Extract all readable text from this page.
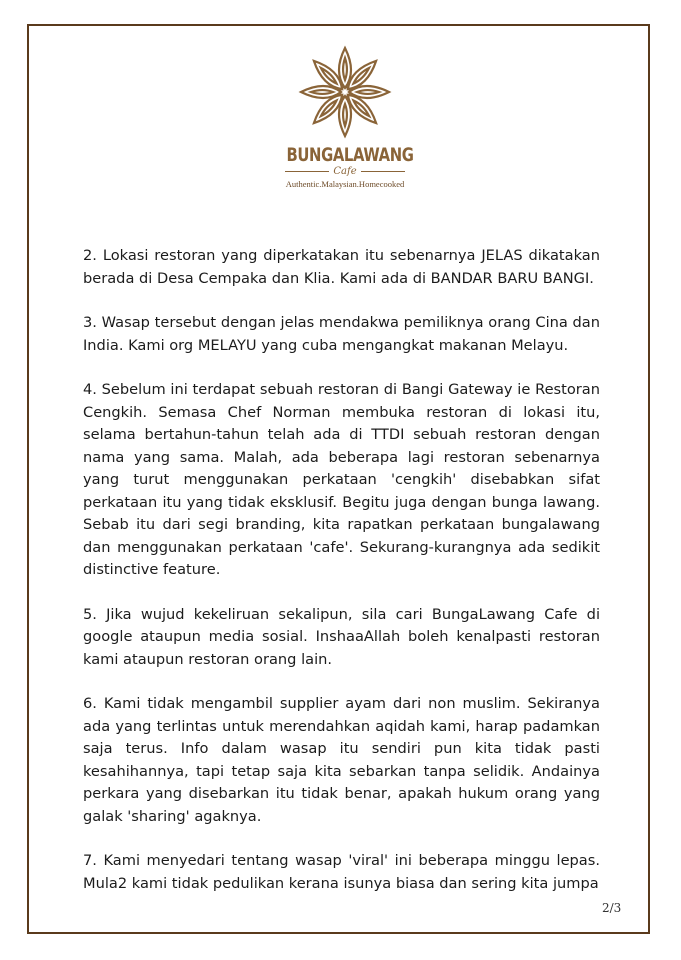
BUNGALAWANG
Cafe
Authentic.Malaysian.Homecooked

2. Lokasi restoran yang diperkatakan itu sebenarnya JELAS dikatakan berada di Desa Cempaka dan Klia. Kami ada di BANDAR BARU BANGI.

3. Wasap tersebut dengan jelas mendakwa pemiliknya orang Cina dan India. Kami org MELAYU yang cuba mengangkat makanan Melayu.

4. Sebelum ini terdapat sebuah restoran di Bangi Gateway ie Restoran Cengkih. Semasa Chef Norman membuka restoran di lokasi itu, selama bertahun-tahun telah ada di TTDI sebuah restoran dengan nama yang sama. Malah, ada beberapa lagi restoran sebenarnya yang turut menggunakan perkataan 'cengkih' disebabkan sifat perkataan itu yang tidak eksklusif. Begitu juga dengan bunga lawang. Sebab itu dari segi branding, kita rapatkan perkataan bungalawang dan menggunakan perkataan 'cafe'. Sekurang-kurangnya ada sedikit distinctive feature.

5. Jika wujud kekeliruan sekalipun, sila cari BungaLawang Cafe di google ataupun media sosial. InshaaAllah boleh kenalpasti restoran kami ataupun restoran orang lain.

6. Kami tidak mengambil supplier ayam dari non muslim. Sekiranya ada yang terlintas untuk merendahkan aqidah kami, harap padamkan saja terus. Info dalam wasap itu sendiri pun kita tidak pasti kesahihannya, tapi tetap saja kita sebarkan tanpa selidik. Andainya perkara yang disebarkan itu tidak benar, apakah hukum orang yang galak 'sharing' agaknya.

7. Kami menyedari tentang wasap 'viral' ini beberapa minggu lepas. Mula2 kami tidak pedulikan kerana isunya biasa dan sering kita jumpa

2/3
